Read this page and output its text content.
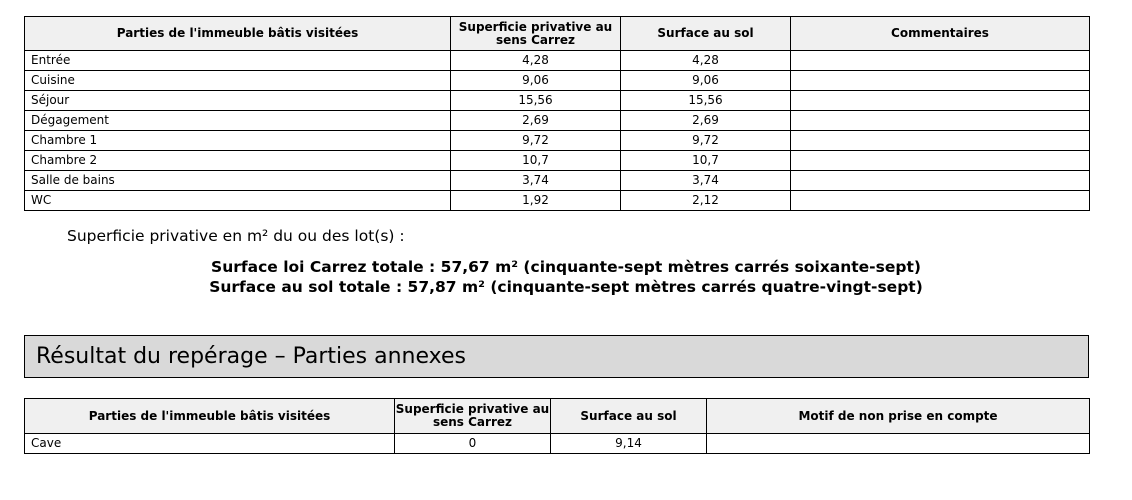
Parties de l'immeuble bâtis visitées	Superficie privative au sens Carrez	Surface au sol	Commentaires
Entrée	4,28	4,28	
Cuisine	9,06	9,06	
Séjour	15,56	15,56	
Dégagement	2,69	2,69	
Chambre 1	9,72	9,72	
Chambre 2	10,7	10,7	
Salle de bains	3,74	3,74	
WC	1,92	2,12	
Superficie privative en m² du ou des lot(s) :
Surface loi Carrez totale : 57,67 m² (cinquante-sept mètres carrés soixante-sept)
Surface au sol totale : 57,87 m² (cinquante-sept mètres carrés quatre-vingt-sept)
Résultat du repérage – Parties annexes
Parties de l'immeuble bâtis visitées	Superficie privative au sens Carrez	Surface au sol	Motif de non prise en compte
Cave	0	9,14	
